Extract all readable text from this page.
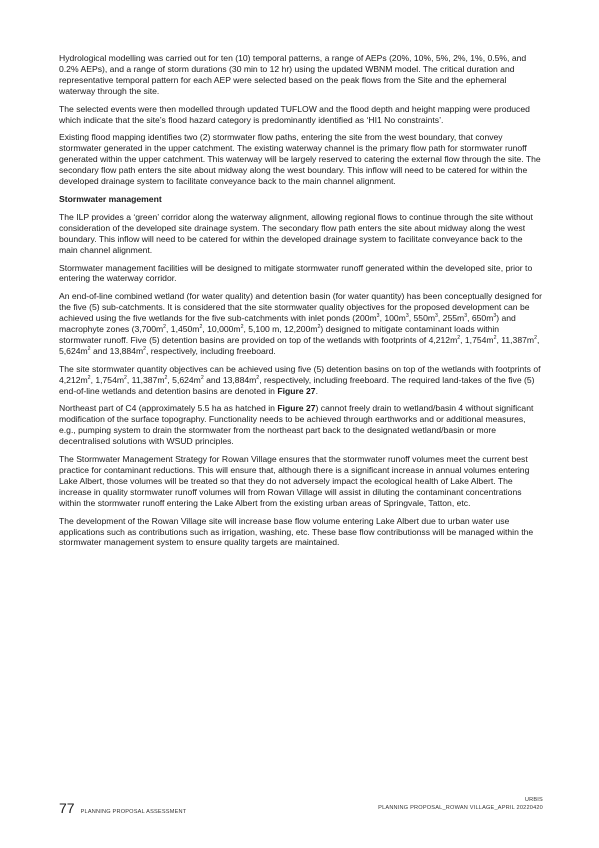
Hydrological modelling was carried out for ten (10) temporal patterns, a range of AEPs (20%, 10%, 5%, 2%, 1%, 0.5%, and 0.2% AEPs), and a range of storm durations (30 min to 12 hr) using the updated WBNM model. The critical duration and representative temporal pattern for each AEP were selected based on the peak flows from the Site and the ephemeral waterway through the site.

The selected events were then modelled through updated TUFLOW and the flood depth and height mapping were produced which indicate that the site’s flood hazard category is predominantly identified as ‘HI1 No constraints’.

Existing flood mapping identifies two (2) stormwater flow paths, entering the site from the west boundary, that convey stormwater generated in the upper catchment. The existing waterway channel is the primary flow path for stormwater runoff generated within the upper catchment. This waterway will be largely reserved to catering the external flow through the site. The secondary flow path enters the site about midway along the west boundary. This inflow will need to be catered for within the developed drainage system to facilitate conveyance back to the main channel alignment.

Stormwater management

The ILP provides a ‘green’ corridor along the waterway alignment, allowing regional flows to continue through the site without consideration of the developed site drainage system. The secondary flow path enters the site about midway along the west boundary. This inflow will need to be catered for within the developed drainage system to facilitate conveyance back to the main channel alignment.

Stormwater management facilities will be designed to mitigate stormwater runoff generated within the developed site, prior to entering the waterway corridor.

An end-of-line combined wetland (for water quality) and detention basin (for water quantity) has been conceptually designed for the five (5) sub-catchments. It is considered that the site stormwater quality objectives for the proposed development can be achieved using the five wetlands for the five sub-catchments with inlet ponds ($200m^3$, $100m^3$, $550m^3$, $255m^3$, $650m^3$) and macrophyte zones ($3,700m^2$, $1,450m^2$, $10,000m^2$, 5,100 m, $12,200m^2$) designed to mitigate contaminant loads within stormwater runoff. Five (5) detention basins are provided on top of the wetlands with footprints of $4,212m^2$, $1,754m^2$, $11,387m^2$, $5,624m^2$ and $13,884m^2$, respectively, including freeboard.

The site stormwater quantity objectives can be achieved using five (5) detention basins on top of the wetlands with footprints of $4,212m^2$, $1,754m^2$, $11,387m^2$, $5,624m^2$ and $13,884m^2$, respectively, including freeboard. The required land-takes of the five (5) end-of-line wetlands and detention basins are denoted in Figure 27.

Northeast part of C4 (approximately 5.5 ha as hatched in Figure 27) cannot freely drain to wetland/basin 4 without significant modification of the surface topography. Functionality needs to be achieved through earthworks and or additional measures, e.g., pumping system to drain the stormwater from the northeast part back to the designated wetland/basin or more decentralised solutions with WSUD principles.

The Stormwater Management Strategy for Rowan Village ensures that the stormwater runoff volumes meet the current best practice for contaminant reductions. This will ensure that, although there is a significant increase in annual volumes entering Lake Albert, those volumes will be treated so that they do not adversely impact the ecological health of Lake Albert. The increase in quality stormwater runoff volumes will from Rowan Village will assist in diluting the contaminant concentrations within the stormwater runoff entering the Lake Albert from the existing urban areas of Springvale, Tatton, etc.

The development of the Rowan Village site will increase base flow volume entering Lake Albert due to urban water use applications such as contributions such as irrigation, washing, etc. These base flow contributionss will be managed within the stormwater management system to ensure quality targets are maintained.

77 PLANNING PROPOSAL ASSESSMENT
URBIS
PLANNING PROPOSAL_ROWAN VILLAGE_APRIL 20220420
